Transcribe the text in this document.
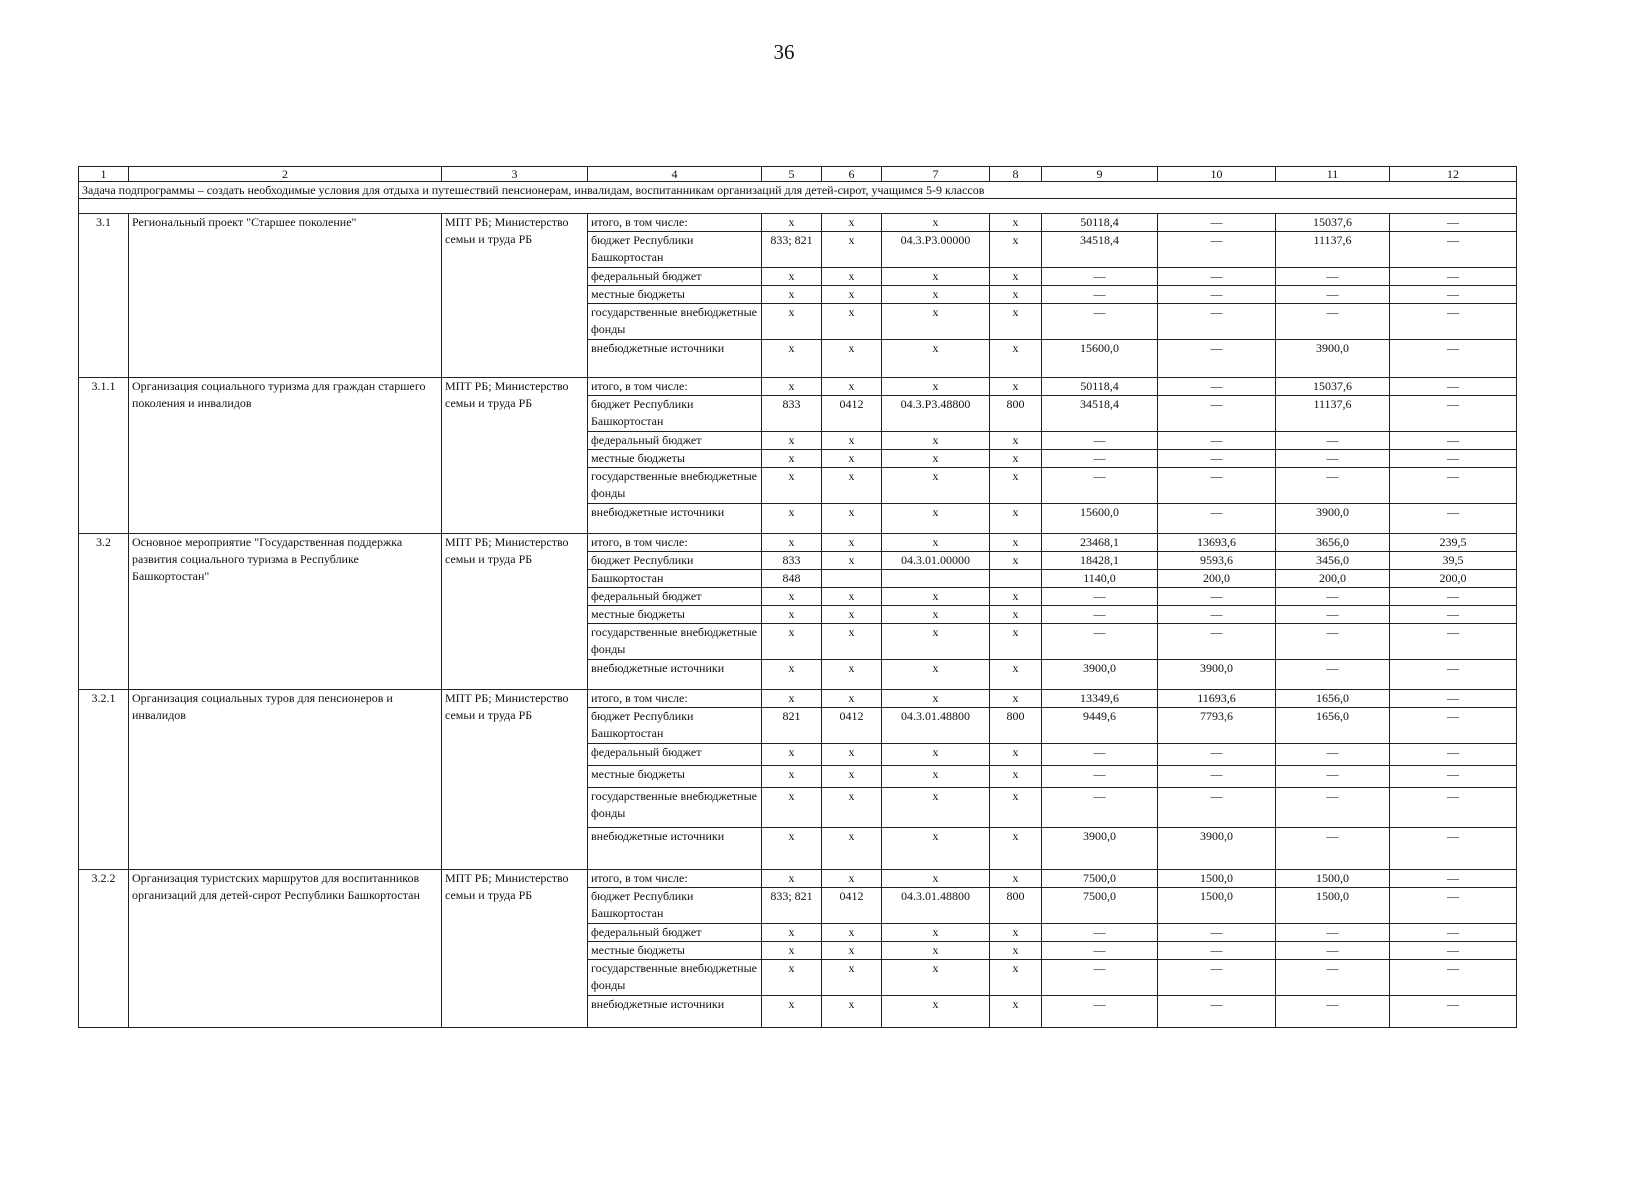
36
1	2	3	4	5	6	7	8	9	10	11	12
Задача подпрограммы – создать необходимые условия для отдыха и путешествий пенсионерам, инвалидам, воспитанникам организаций для детей-сирот, учащимся 5-9 классов											

3.1	Региональный проект "Старшее поколение"	МПТ РБ; Министерство семьи и труда РБ	итого, в том числе:	x	x	x	x	50118,4	—	15037,6	—
			бюджет Республики Башкортостан	833; 821	x	04.3.P3.00000	x	34518,4	—	11137,6	—
			федеральный бюджет	x	x	x	x	—	—	—	—
			местные бюджеты	x	x	x	x	—	—	—	—
			государственные внебюджетные фонды	x	x	x	x	—	—	—	—
			внебюджетные источники	x	x	x	x	15600,0	—	3900,0	—
3.1.1	Организация социального туризма для граждан старшего поколения и инвалидов	МПТ РБ; Министерство семьи и труда РБ	итого, в том числе:	x	x	x	x	50118,4	—	15037,6	—
			бюджет Республики Башкортостан	833	0412	04.3.P3.48800	800	34518,4	—	11137,6	—
			федеральный бюджет	x	x	x	x	—	—	—	—
			местные бюджеты	x	x	x	x	—	—	—	—
			государственные внебюджетные фонды	x	x	x	x	—	—	—	—
			внебюджетные источники	x	x	x	x	15600,0	—	3900,0	—
3.2	Основное мероприятие "Государственная поддержка развития социального туризма в Республике Башкортостан"	МПТ РБ; Министерство семьи и труда РБ	итого, в том числе:	x	x	x	x	23468,1	13693,6	3656,0	239,5
			бюджет Республики	833	x	04.3.01.00000	x	18428,1	9593,6	3456,0	39,5
			Башкортостан	848				1140,0	200,0	200,0	200,0
			федеральный бюджет	x	x	x	x	—	—	—	—
			местные бюджеты	x	x	x	x	—	—	—	—
			государственные внебюджетные фонды	x	x	x	x	—	—	—	—
			внебюджетные источники	x	x	x	x	3900,0	3900,0	—	—
3.2.1	Организация социальных туров для пенсионеров и инвалидов	МПТ РБ; Министерство семьи и труда РБ	итого, в том числе:	x	x	x	x	13349,6	11693,6	1656,0	—
			бюджет Республики Башкортостан	821	0412	04.3.01.48800	800	9449,6	7793,6	1656,0	—
			федеральный бюджет	x	x	x	x	—	—	—	—
			местные бюджеты	x	x	x	x	—	—	—	—
			государственные внебюджетные фонды	x	x	x	x	—	—	—	—
			внебюджетные источники	x	x	x	x	3900,0	3900,0	—	—
3.2.2	Организация туристских маршрутов для воспитанников организаций для детей-сирот Республики Башкортостан	МПТ РБ; Министерство семьи и труда РБ	итого, в том числе:	x	x	x	x	7500,0	1500,0	1500,0	—
			бюджет Республики Башкортостан	833; 821	0412	04.3.01.48800	800	7500,0	1500,0	1500,0	—
			федеральный бюджет	x	x	x	x	—	—	—	—
			местные бюджеты	x	x	x	x	—	—	—	—
			государственные внебюджетные фонды	x	x	x	x	—	—	—	—
			внебюджетные источники	x	x	x	x	—	—	—	—
